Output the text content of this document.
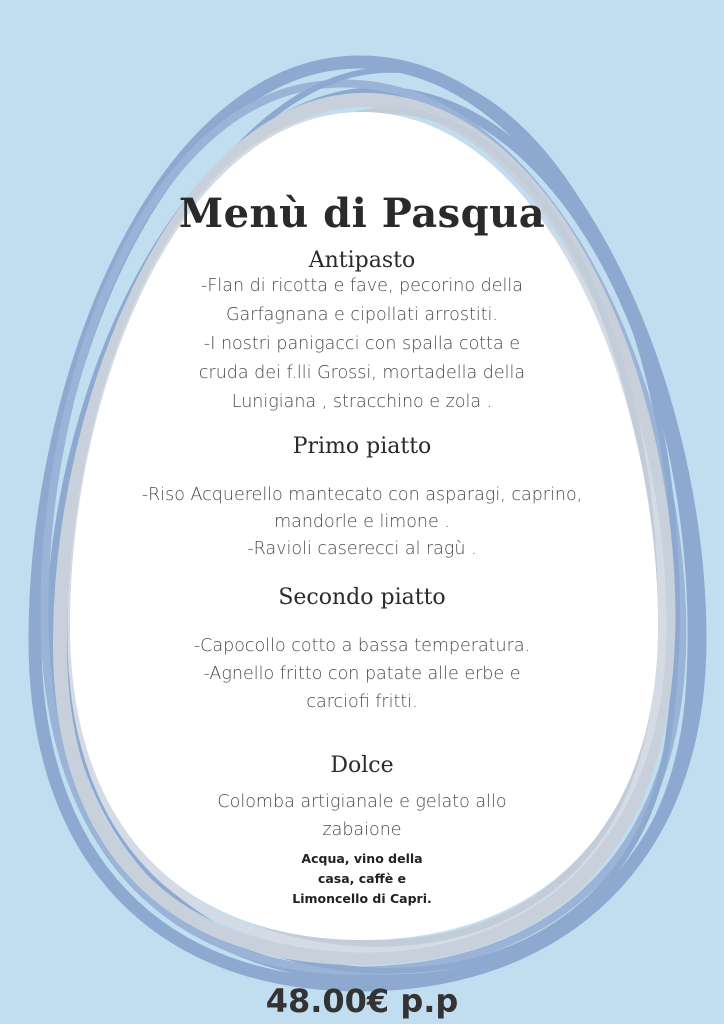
Menù di Pasqua
Antipasto
-Flan di ricotta e fave, pecorino della
Garfagnana e cipollati arrostiti.
-I nostri panigacci con spalla cotta e
cruda dei f.lli Grossi, mortadella della
Lunigiana , stracchino e zola .
Primo piatto
-Riso Acquerello mantecato con asparagi, caprino,
mandorle e limone .
-Ravioli caserecci al ragù .
Secondo piatto
-Capocollo cotto a bassa temperatura.
-Agnello fritto con patate alle erbe e
carciofi fritti.
Dolce
Colomba artigianale e gelato allo
zabaione
Acqua, vino della
casa, caffè e
Limoncello di Capri.
48.00€ p.p
